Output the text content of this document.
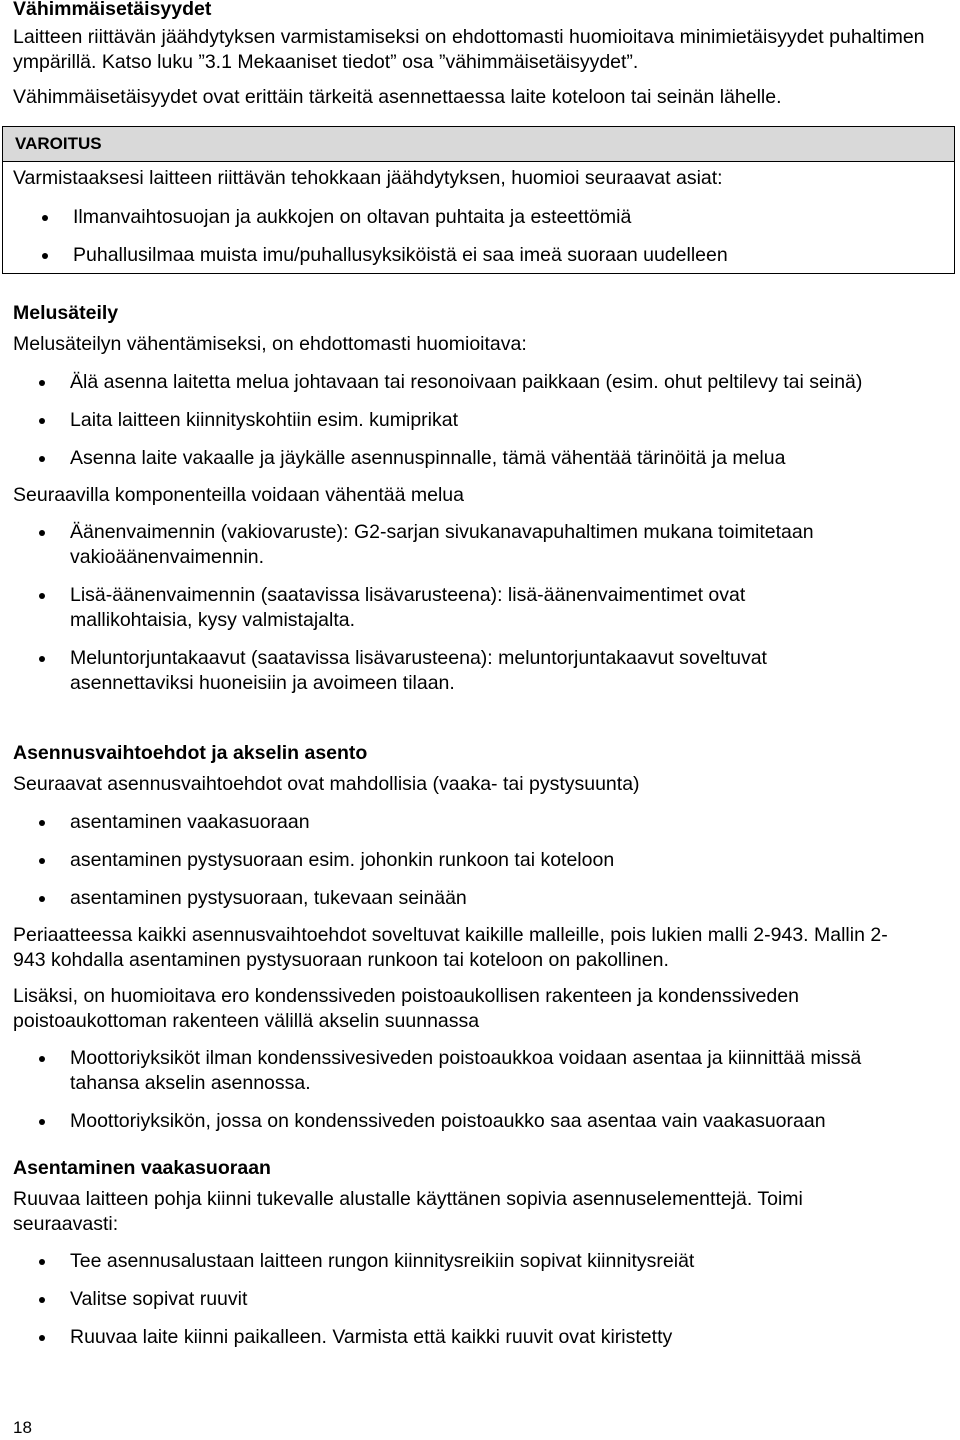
Vähimmäisetäisyydet

Laitteen riittävän jäähdytyksen varmistamiseksi on ehdottomasti huomioitava minimietäisyydet puhaltimen ympärillä. Katso luku ”3.1 Mekaaniset tiedot” osa ”vähimmäisetäisyydet”.

Vähimmäisetäisyydet ovat erittäin tärkeitä asennettaessa laite koteloon tai seinän lähelle.

VAROITUS

Varmistaaksesi laitteen riittävän tehokkaan jäähdytyksen, huomioi seuraavat asiat:

Ilmanvaihtosuojan ja aukkojen on oltavan puhtaita ja esteettömiä
Puhallusilmaa muista imu/puhallusyksiköistä ei saa imeä suoraan uudelleen
Melusäteily

Melusäteilyn vähentämiseksi, on ehdottomasti huomioitava:

Älä asenna laitetta melua johtavaan tai resonoivaan paikkaan (esim. ohut peltilevy tai seinä)
Laita laitteen kiinnityskohtiin esim. kumiprikat
Asenna laite vakaalle ja jäykälle asennuspinnalle, tämä vähentää tärinöitä ja melua

Seuraavilla komponenteilla voidaan vähentää melua

Äänenvaimennin (vakiovaruste): G2-sarjan sivukanavapuhaltimen mukana toimitetaan vakioäänenvaimennin.
Lisä-äänenvaimennin (saatavissa lisävarusteena): lisä-äänenvaimentimet ovat mallikohtaisia, kysy valmistajalta.
Meluntorjuntakaavut (saatavissa lisävarusteena): meluntorjuntakaavut soveltuvat asennettaviksi huoneisiin ja avoimeen tilaan.
Asennusvaihtoehdot ja akselin asento

Seuraavat asennusvaihtoehdot ovat mahdollisia (vaaka- tai pystysuunta)

asentaminen vaakasuoraan
asentaminen pystysuoraan esim. johonkin runkoon tai koteloon
asentaminen pystysuoraan, tukevaan seinään

Periaatteessa kaikki asennusvaihtoehdot soveltuvat kaikille malleille, pois lukien malli 2-943. Mallin 2-943 kohdalla asentaminen pystysuoraan runkoon tai koteloon on pakollinen.

Lisäksi, on huomioitava ero kondenssiveden poistoaukollisen rakenteen ja kondenssiveden poistoaukottoman rakenteen välillä akselin suunnassa

Moottoriyksiköt ilman kondenssivesiveden poistoaukkoa voidaan asentaa ja kiinnittää missä tahansa akselin asennossa.
Moottoriyksikön, jossa on kondenssiveden poistoaukko saa asentaa vain vaakasuoraan
Asentaminen vaakasuoraan

Ruuvaa laitteen pohja kiinni tukevalle alustalle käyttänen sopivia asennuselementtejä. Toimi seuraavasti:

Tee asennusalustaan laitteen rungon kiinnitysreikiin sopivat kiinnitysreiät
Valitse sopivat ruuvit
Ruuvaa laite kiinni paikalleen. Varmista että kaikki ruuvit ovat kiristetty
18
